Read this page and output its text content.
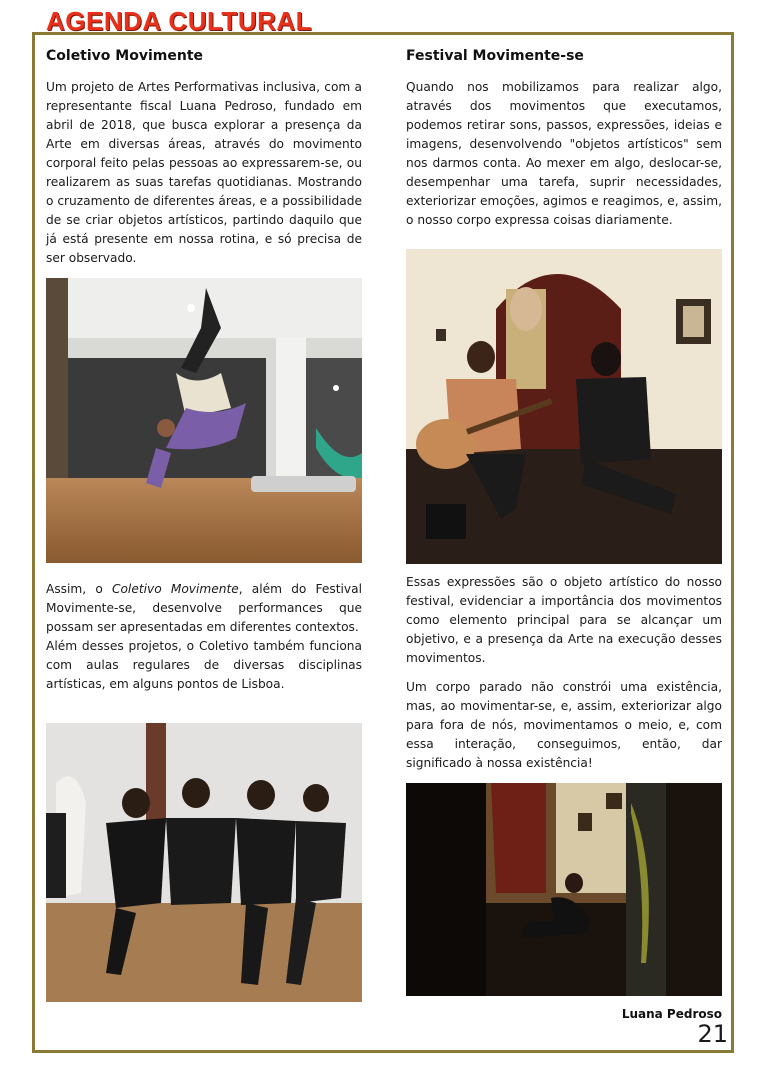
AGENDA CULTURAL
Coletivo Movimente

Um projeto de Artes Performativas inclusiva, com a representante fiscal Luana Pedroso, fundado em abril de 2018, que busca explorar a presença da Arte em diversas áreas, através do movimento corporal feito pelas pessoas ao expressarem-se, ou realizarem as suas tarefas quotidianas. Mostrando o cruzamento de diferentes áreas, e a possibilidade de se criar objetos artísticos, partindo daquilo que já está presente em nossa rotina, e só precisa de ser observado.

Assim, o Coletivo Movimente, além do Festival Movimente-se, desenvolve performances que possam ser apresentadas em diferentes contextos.

Além desses projetos, o Coletivo também funciona com aulas regulares de diversas disciplinas artísticas, em alguns pontos de Lisboa.

Festival Movimente-se

Quando nos mobilizamos para realizar algo, através dos movimentos que executamos, podemos retirar sons, passos, expressões, ideias e imagens, desenvolvendo "objetos artísticos" sem nos darmos conta. Ao mexer em algo, deslocar-se, desempenhar uma tarefa, suprir necessidades, exteriorizar emoções, agimos e reagimos, e, assim, o nosso corpo expressa coisas diariamente.

Essas expressões são o objeto artístico do nosso festival, evidenciar a importância dos movimentos como elemento principal para se alcançar um objetivo, e a presença da Arte na execução desses movimentos.

Um corpo parado não constrói uma existência, mas, ao movimentar-se, e, assim, exteriorizar algo para fora de nós, movimentamos o meio, e, com essa interação, conseguimos, então, dar significado à nossa existência!

Luana Pedroso
21
